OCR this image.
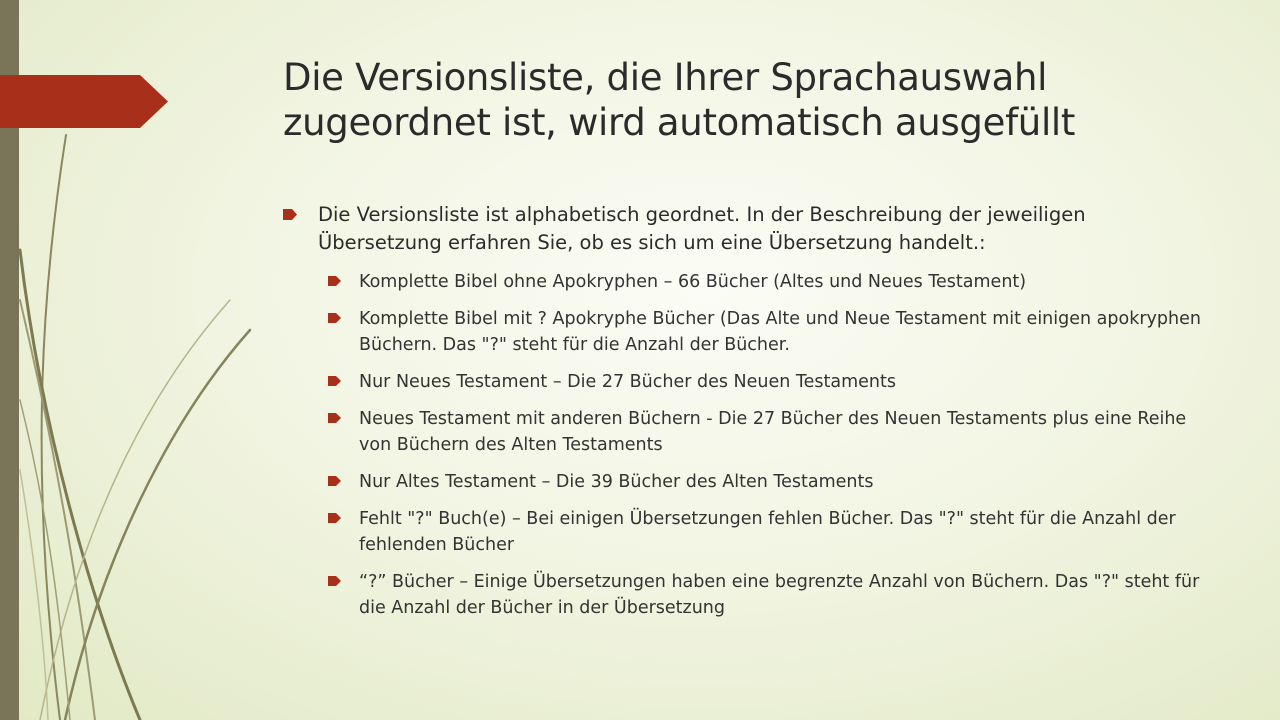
Die Versionsliste, die Ihrer Sprachauswahl
zugeordnet ist, wird automatisch ausgefüllt
Die Versionsliste ist alphabetisch geordnet. In der Beschreibung der jeweiligen Übersetzung erfahren Sie, ob es sich um eine Übersetzung handelt.:
Komplette Bibel ohne Apokryphen – 66 Bücher (Altes und Neues Testament)
Komplette Bibel mit ? Apokryphe Bücher (Das Alte und Neue Testament mit einigen apokryphen Büchern. Das "?" steht für die Anzahl der Bücher.
Nur Neues Testament – Die 27 Bücher des Neuen Testaments
Neues Testament mit anderen Büchern - Die 27 Bücher des Neuen Testaments plus eine Reihe von Büchern des Alten Testaments
Nur Altes Testament – Die 39 Bücher des Alten Testaments
Fehlt "?" Buch(e) – Bei einigen Übersetzungen fehlen Bücher. Das "?" steht für die Anzahl der fehlenden Bücher
“?” Bücher – Einige Übersetzungen haben eine begrenzte Anzahl von Büchern. Das "?" steht für die Anzahl der Bücher in der Übersetzung
